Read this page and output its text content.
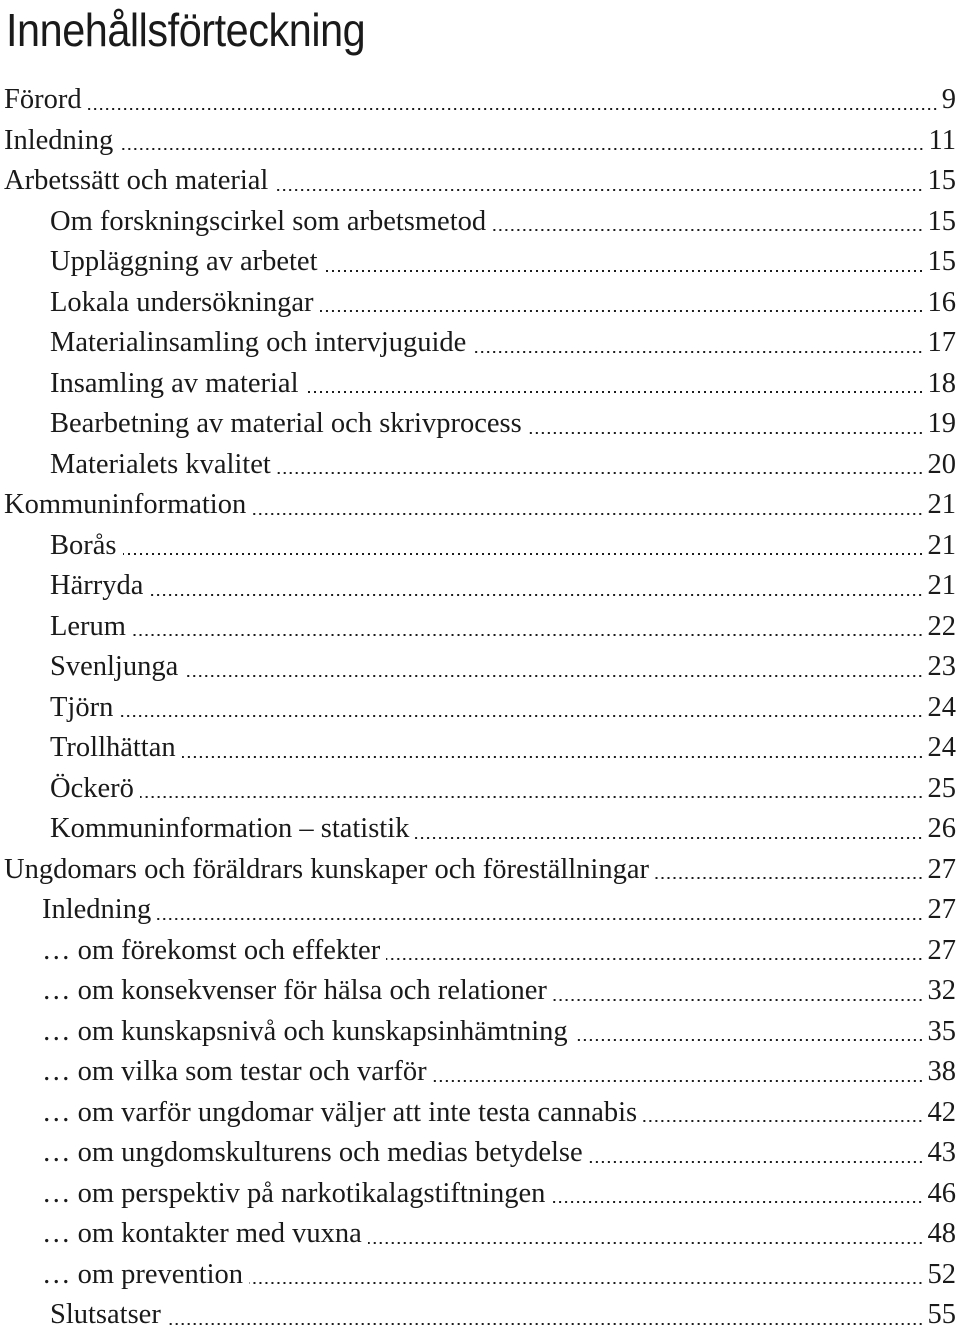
Innehållsförteckning
Förord	9
Inledning	11
Arbetssätt och material	15
Om forskningscirkel som arbetsmetod	15
Uppläggning av arbetet	15
Lokala undersökningar	16
Materialinsamling och intervjuguide	17
Insamling av material	18
Bearbetning av material och skrivprocess	19
Materialets kvalitet	20
Kommuninformation	21
Borås	21
Härryda	21
Lerum	22
Svenljunga	23
Tjörn	24
Trollhättan	24
Öckerö	25
Kommuninformation – statistik	26
Ungdomars och föräldrars kunskaper och föreställningar	27
Inledning	27
… om förekomst och effekter	27
… om konsekvenser för hälsa och relationer	32
… om kunskapsnivå och kunskapsinhämtning	35
… om vilka som testar och varför	38
… om varför ungdomar väljer att inte testa cannabis	42
… om ungdomskulturens och medias betydelse	43
… om perspektiv på narkotikalagstiftningen	46
… om kontakter med vuxna	48
… om prevention	52
Slutsatser	55
